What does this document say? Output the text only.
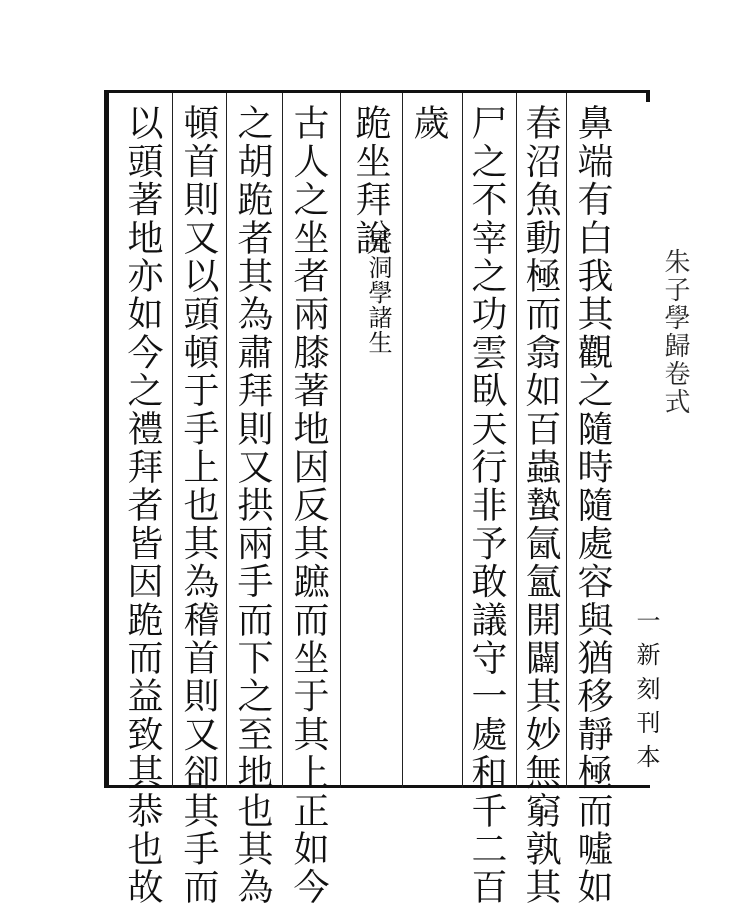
鼻端有白我其觀之隨時隨處容與猶移靜極而噓如
春沼魚動極而翕如百蟲蟄氤氳開闢其妙無窮孰其
尸之不宰之功雲臥天行非予敢議守一處和千二百
歲
跪坐拜說
寄洞學諸生
古人之坐者兩膝著地因反其蹠而坐于其上正如今
之胡跪者其為肅拜則又拱兩手而下之至地也其為
頓首則又以頭頓于手上也其為稽首則又卻其手而
以頭著地亦如今之禮拜者皆因跪而益致其恭也故	朱子學歸卷式
一新刻刊本
